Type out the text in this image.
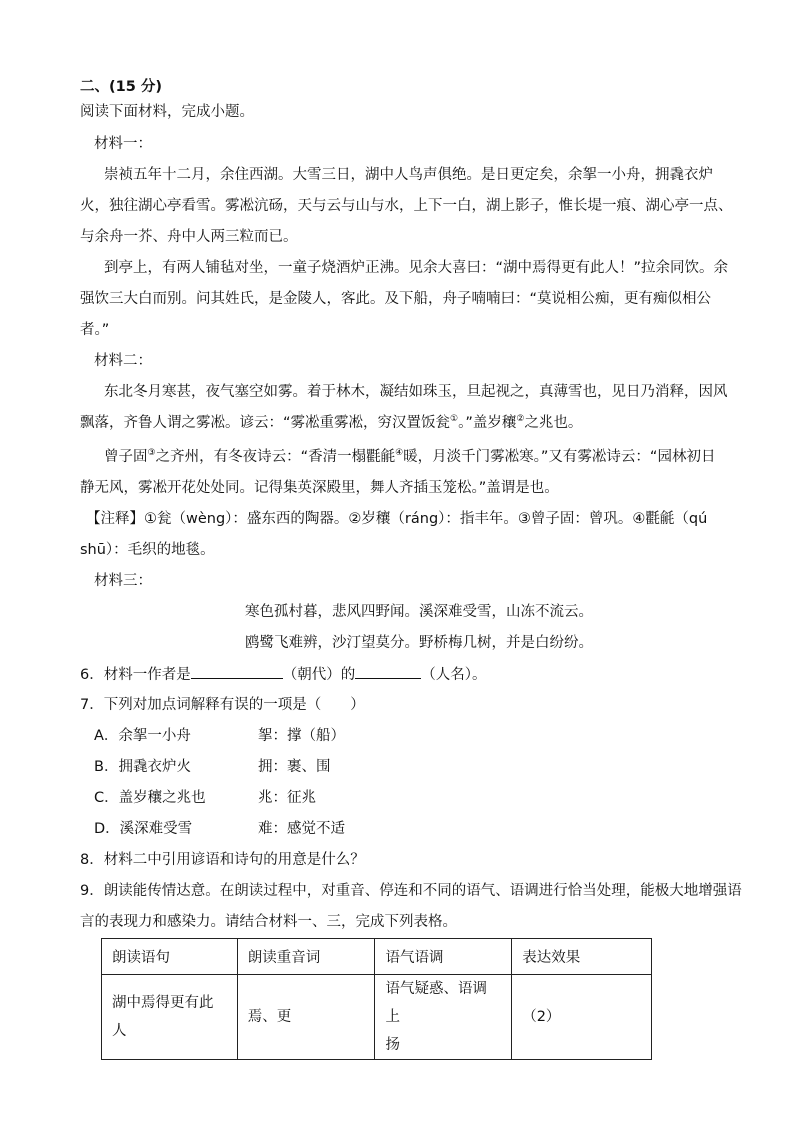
二、(15 分)
阅读下面材料，完成小题。
材料一：
崇祯五年十二月，余住西湖。大雪三日，湖中人鸟声俱绝。是日更定矣，余挐一小舟，拥毳衣炉
火，独往湖心亭看雪。雾凇沆砀，天与云与山与水，上下一白，湖上影子，惟长堤一痕、湖心亭一点、
与余舟一芥、舟中人两三粒而已。
到亭上，有两人铺毡对坐，一童子烧酒炉正沸。见余大喜曰：“湖中焉得更有此人！”拉余同饮。余
强饮三大白而别。问其姓氏，是金陵人，客此。及下船，舟子喃喃曰：“莫说相公痴，更有痴似相公
者。”
材料二：
东北冬月寒甚，夜气塞空如雾。着于林木，凝结如珠玉，旦起视之，真薄雪也，见日乃消释，因风
飘落，齐鲁人谓之雾凇。谚云：“雾凇重雾凇，穷汉置饭瓮①。”盖岁穰②之兆也。
曾子固③之齐州，有冬夜诗云：“香清一榻氍毹④暖，月淡千门雾凇寒。”又有雾凇诗云：“园林初日
静无风，雾凇开花处处同。记得集英深殿里，舞人齐插玉笼松。”盖谓是也。
【注释】①瓮（wèng）：盛东西的陶器。②岁穰（ráng）：指丰年。③曾子固：曾巩。④氍毹（qú
shū）：毛织的地毯。
材料三：
寒色孤村暮，悲风四野闻。溪深难受雪，山冻不流云。
鸥鹭飞难辨，沙汀望莫分。野桥梅几树，并是白纷纷。
6．材料一作者是	（朝代）的	（人名）。
7．下列对加点词解释有误的一项是（　　）
A．余挐一小舟	挐：撑（船）
B．拥毳衣炉火	拥：裹、围
C．盖岁穰之兆也	兆：征兆
D．溪深难受雪	难：感觉不适
8．材料二中引用谚语和诗句的用意是什么？
9．朗读能传情达意。在朗读过程中，对重音、停连和不同的语气、语调进行恰当处理，能极大地增强语
言的表现力和感染力。请结合材料一、三，完成下列表格。
朗读语句	朗读重音词	语气语调	表达效果
湖中焉得更有此人	焉、更	语气疑惑、语调上
扬	（2）
